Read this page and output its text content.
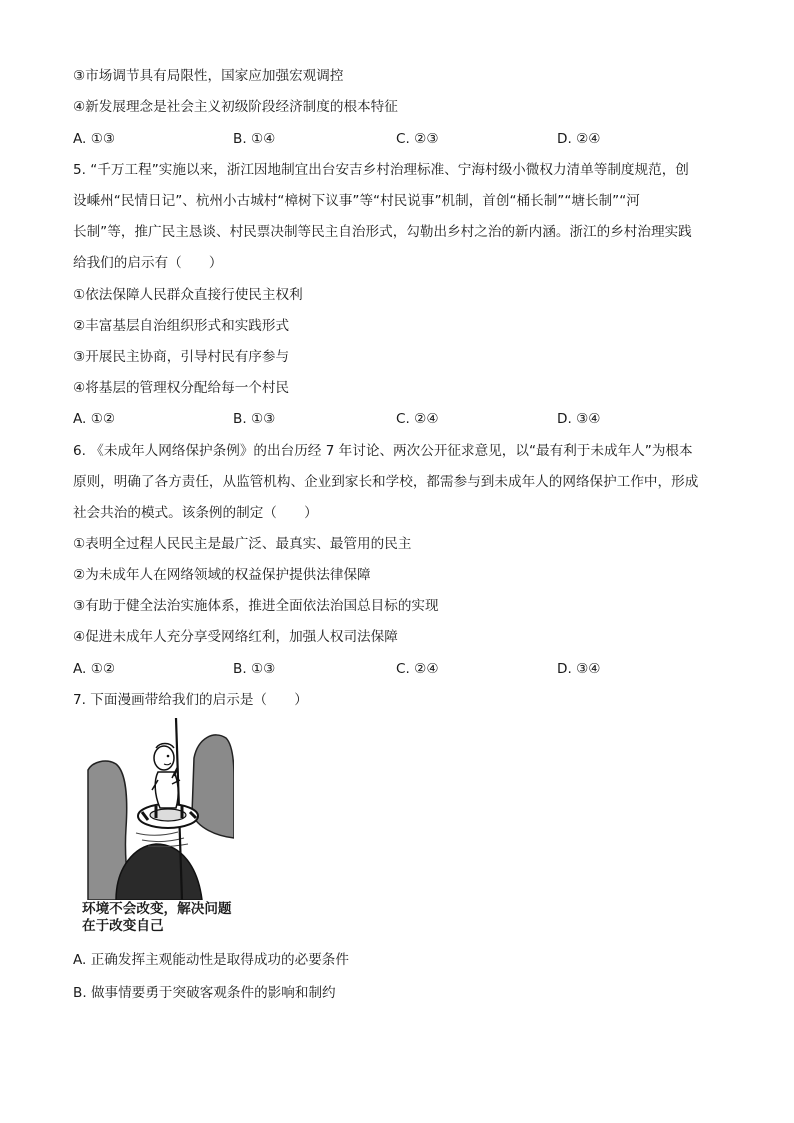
③市场调节具有局限性，国家应加强宏观调控
④新发展理念是社会主义初级阶段经济制度的根本特征
A. ①③	B. ①④	C. ②③	D. ②④
5. “千万工程”实施以来，浙江因地制宜出台安吉乡村治理标准、宁海村级小微权力清单等制度规范，创
设嵊州“民情日记”、杭州小古城村“樟树下议事”等“村民说事”机制，首创“桶长制”“塘长制”“河
长制”等，推广民主恳谈、村民票决制等民主自治形式，勾勒出乡村之治的新内涵。浙江的乡村治理实践
给我们的启示有（　　）
①依法保障人民群众直接行使民主权利
②丰富基层自治组织形式和实践形式
③开展民主协商，引导村民有序参与
④将基层的管理权分配给每一个村民
A. ①②	B. ①③	C. ②④	D. ③④
6. 《未成年人网络保护条例》的出台历经 7 年讨论、两次公开征求意见，以“最有利于未成年人”为根本
原则，明确了各方责任，从监管机构、企业到家长和学校，都需参与到未成年人的网络保护工作中，形成
社会共治的模式。该条例的制定（　　）
①表明全过程人民民主是最广泛、最真实、最管用的民主
②为未成年人在网络领域的权益保护提供法律保障
③有助于健全法治实施体系，推进全面依法治国总目标的实现
④促进未成年人充分享受网络红利，加强人权司法保障
A. ①②	B. ①③	C. ②④	D. ③④
7. 下面漫画带给我们的启示是（　　）
环境不会改变，解决问题
在于改变自己
A. 正确发挥主观能动性是取得成功的必要条件
B. 做事情要勇于突破客观条件的影响和制约
